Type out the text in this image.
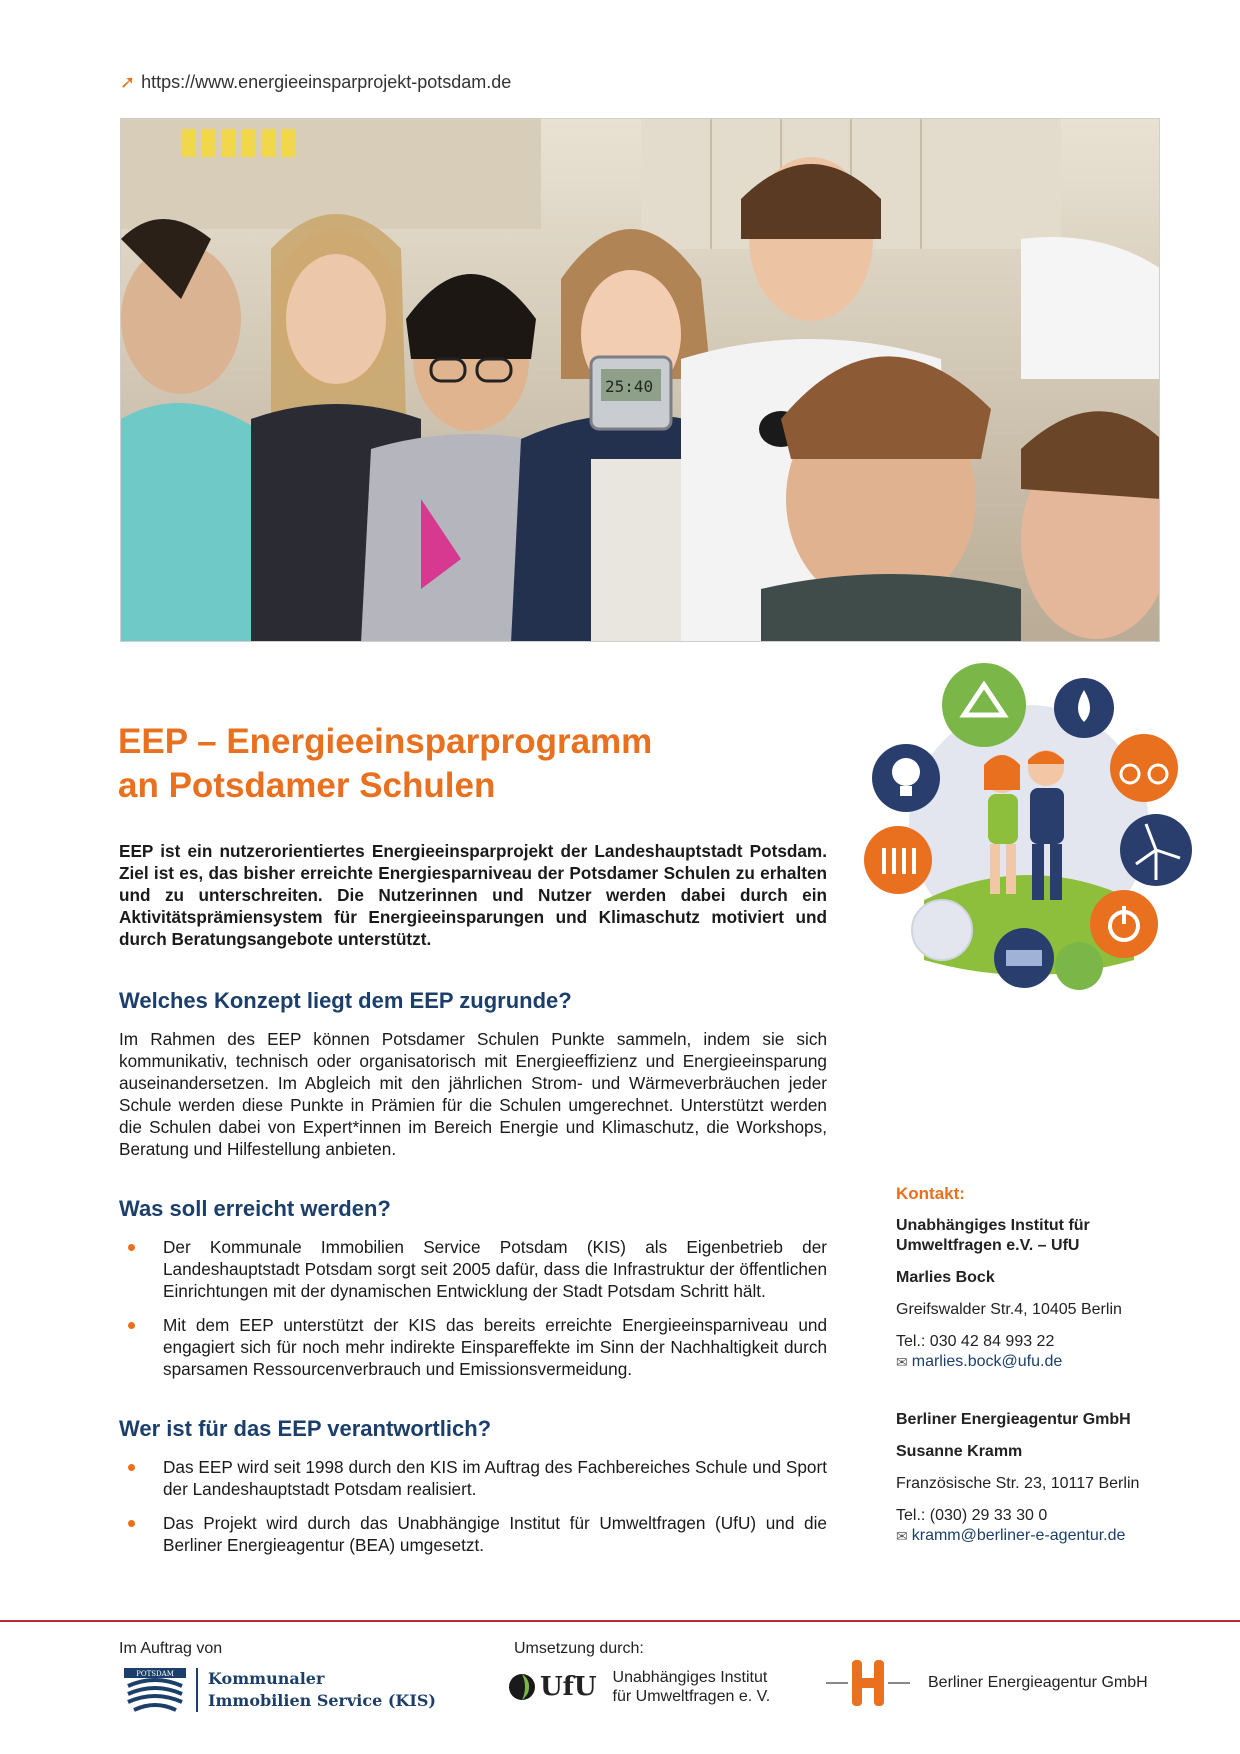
➚ https://www.energieeinsparprojekt-potsdam.de
25:40
EEP – Energieeinsparprogramm
an Potsdamer Schulen

EEP ist ein nutzerorientiertes Energieeinsparprojekt der Landeshauptstadt Potsdam. Ziel ist es, das bisher erreichte Energiesparniveau der Potsdamer Schulen zu erhalten und zu unterschreiten. Die Nutzerinnen und Nutzer werden dabei durch ein Aktivitätsprämiensystem für Energieeinsparungen und Klimaschutz motiviert und durch Beratungsangebote unterstützt.

Welches Konzept liegt dem EEP zugrunde?

Im Rahmen des EEP können Potsdamer Schulen Punkte sammeln, indem sie sich kommunikativ, technisch oder organisatorisch mit Energieeffizienz und Energieeinsparung auseinandersetzen. Im Abgleich mit den jährlichen Strom- und Wärmeverbräuchen jeder Schule werden diese Punkte in Prämien für die Schulen umgerechnet. Unterstützt werden die Schulen dabei von Expert*innen im Bereich Energie und Klimaschutz, die Workshops, Beratung und Hilfestellung anbieten.

Was soll erreicht werden?
Der Kommunale Immobilien Service Potsdam (KIS) als Eigenbetrieb der Landeshauptstadt Potsdam sorgt seit 2005 dafür, dass die Infrastruktur der öffentlichen Einrichtungen mit der dynamischen Entwicklung der Stadt Potsdam Schritt hält.
Mit dem EEP unterstützt der KIS das bereits erreichte Energieeinsparniveau und engagiert sich für noch mehr indirekte Einspareffekte im Sinn der Nachhaltigkeit durch sparsamen Ressourcenverbrauch und Emissionsvermeidung.
Wer ist für das EEP verantwortlich?
Das EEP wird seit 1998 durch den KIS im Auftrag des Fachbereiches Schule und Sport der Landeshauptstadt Potsdam realisiert.
Das Projekt wird durch das Unabhängige Institut für Umweltfragen (UfU) und die Berliner Energieagentur (BEA) umgesetzt.
Kontakt:
Unabhängiges Institut für
Umweltfragen e.V. – UfU
Marlies Bock
Greifswalder Str.4, 10405 Berlin
Tel.: 030 42 84 993 22
✉ marlies.bock@ufu.de
Berliner Energieagentur GmbH
Susanne Kramm
Französische Str. 23, 10117 Berlin
Tel.: (030) 29 33 30 0
✉ kramm@berliner-e-agentur.de
Im Auftrag von	Umsetzung durch:
POTSDAM Kommunaler
Immobilien Service (KIS)	UfU Unabhängiges Institut
für Umweltfragen e. V.
Berliner Energieagentur GmbH
